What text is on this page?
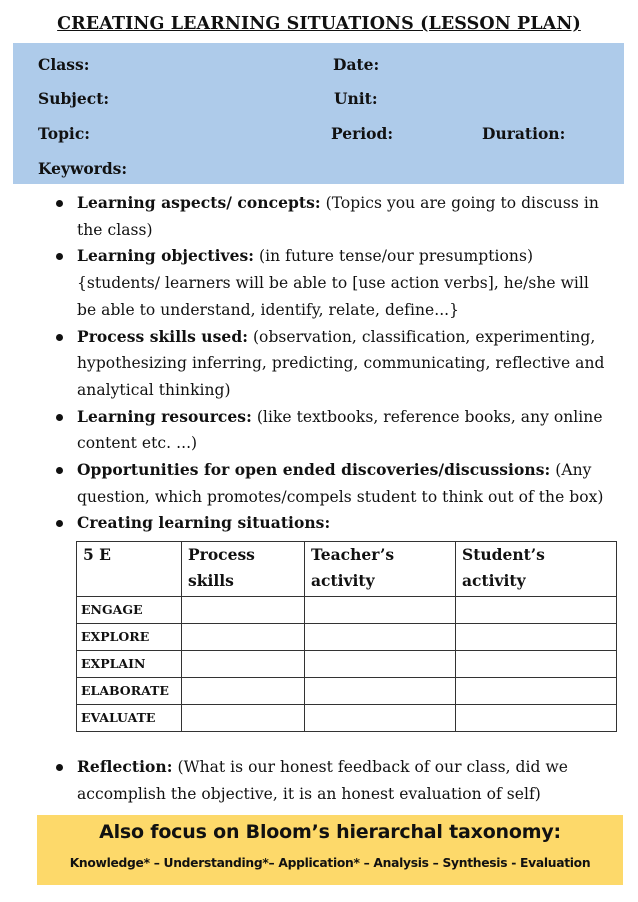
CREATING LEARNING SITUATIONS (LESSON PLAN)
Class:	Date:
Subject:	Unit:
Topic:	Period:	Duration:
Keywords:
Learning aspects/ concepts: (Topics you are going to discuss in the class)
Learning objectives: (in future tense/our presumptions) {students/ learners will be able to [use action verbs], he/she will be able to understand, identify, relate, define...}
Process skills used: (observation, classification, experimenting, hypothesizing inferring, predicting, communicating, reflective and analytical thinking)
Learning resources: (like textbooks, reference books, any online content etc. ...)
Opportunities for open ended discoveries/discussions: (Any question, which promotes/compels student to think out of the box)
Creating learning situations:
5 E	Process skills	Teacher’s activity	Student’s activity
ENGAGE			
EXPLORE			
EXPLAIN			
ELABORATE			
EVALUATE			
Reflection: (What is our honest feedback of our class, did we accomplish the objective, it is an honest evaluation of self)
Also focus on Bloom’s hierarchal taxonomy:
Knowledge* – Understanding*– Application* – Analysis – Synthesis - Evaluation
